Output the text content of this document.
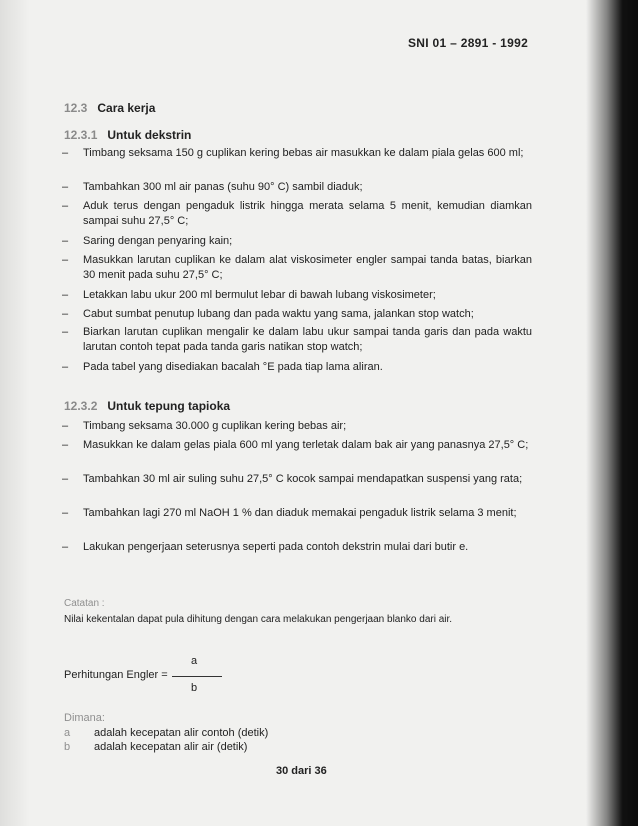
SNI 01 – 2891 - 1992
12.3 Cara kerja
12.3.1 Untuk dekstrin
– Timbang seksama 150 g cuplikan kering bebas air masukkan ke dalam piala gelas 600 ml;
– Tambahkan 300 ml air panas (suhu 90° C) sambil diaduk;
– Aduk terus dengan pengaduk listrik hingga merata selama 5 menit, kemudian diamkan sampai suhu 27,5° C;
– Saring dengan penyaring kain;
– Masukkan larutan cuplikan ke dalam alat viskosimeter engler sampai tanda batas, biarkan 30 menit pada suhu 27,5° C;
– Letakkan labu ukur 200 ml bermulut lebar di bawah lubang viskosimeter;
– Cabut sumbat penutup lubang dan pada waktu yang sama, jalankan stop watch;
– Biarkan larutan cuplikan mengalir ke dalam labu ukur sampai tanda garis dan pada waktu larutan contoh tepat pada tanda garis natikan stop watch;
– Pada tabel yang disediakan bacalah °E pada tiap lama aliran.
12.3.2 Untuk tepung tapioka
– Timbang seksama 30.000 g cuplikan kering bebas air;
– Masukkan ke dalam gelas piala 600 ml yang terletak dalam bak air yang panasnya 27,5° C;
– Tambahkan 30 ml air suling suhu 27,5° C kocok sampai mendapatkan suspensi yang rata;
– Tambahkan lagi 270 ml NaOH 1 % dan diaduk memakai pengaduk listrik selama 3 menit;
– Lakukan pengerjaan seterusnya seperti pada contoh dekstrin mulai dari butir e.
Catatan :
Nilai kekentalan dapat pula dihitung dengan cara melakukan pengerjaan blanko dari air.
Perhitungan Engler =
a
b
Dimana:
a adalah kecepatan alir contoh (detik)
b adalah kecepatan alir air (detik)
30 dari 36
